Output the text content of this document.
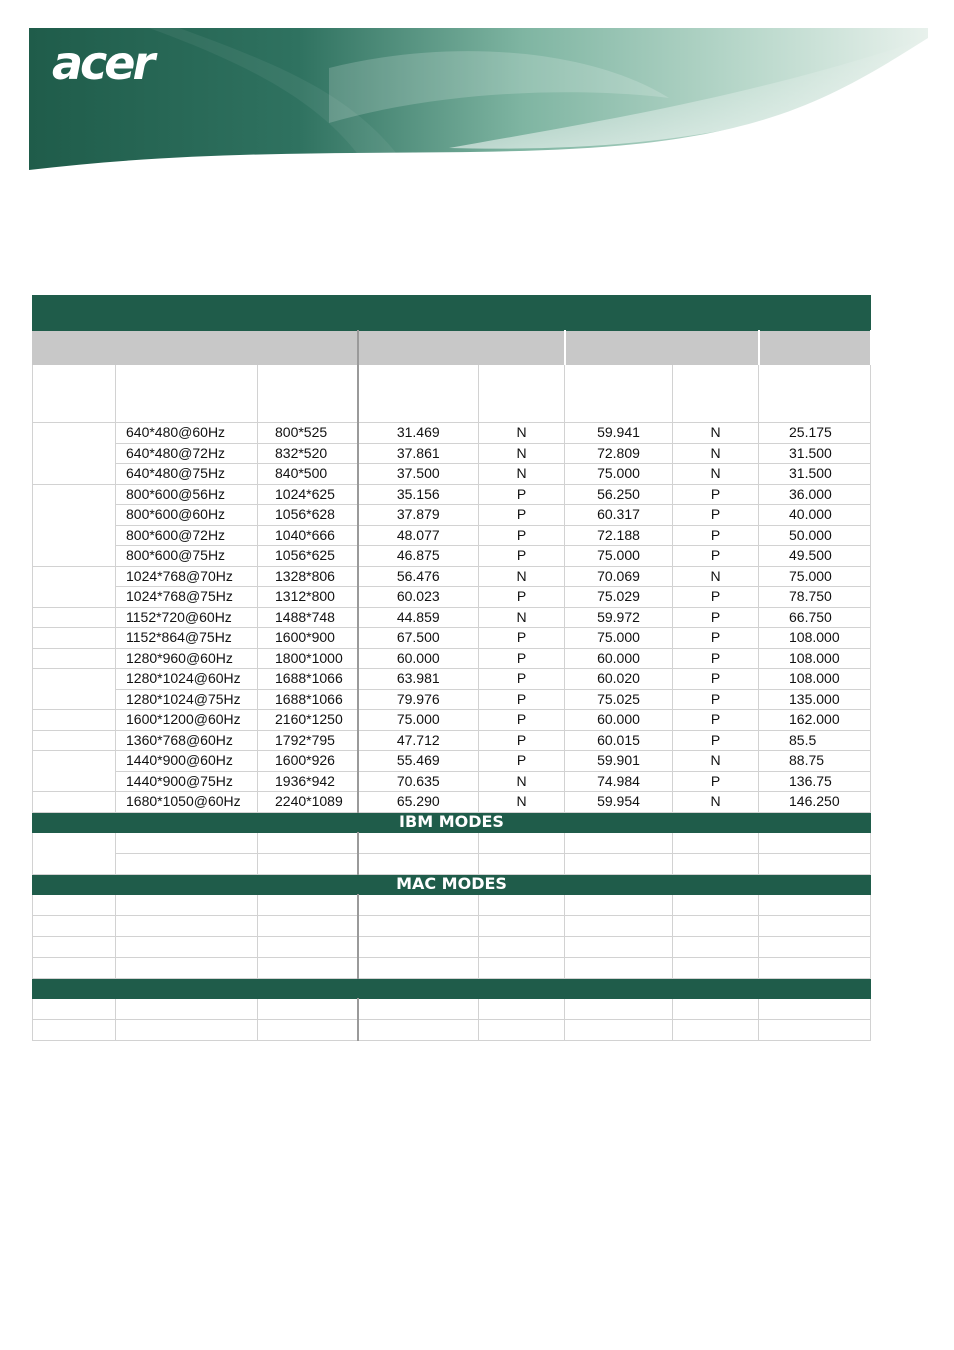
acer

	640*480@60Hz	800*525	31.469	N	59.941	N	25.175
	640*480@72Hz	832*520	37.861	N	72.809	N	31.500
	640*480@75Hz	840*500	37.500	N	75.000	N	31.500
	800*600@56Hz	1024*625	35.156	P	56.250	P	36.000
	800*600@60Hz	1056*628	37.879	P	60.317	P	40.000
	800*600@72Hz	1040*666	48.077	P	72.188	P	50.000
	800*600@75Hz	1056*625	46.875	P	75.000	P	49.500
	1024*768@70Hz	1328*806	56.476	N	70.069	N	75.000
	1024*768@75Hz	1312*800	60.023	P	75.029	P	78.750
	1152*720@60Hz	1488*748	44.859	N	59.972	P	66.750
	1152*864@75Hz	1600*900	67.500	P	75.000	P	108.000
	1280*960@60Hz	1800*1000	60.000	P	60.000	P	108.000
	1280*1024@60Hz	1688*1066	63.981	P	60.020	P	108.000
	1280*1024@75Hz	1688*1066	79.976	P	75.025	P	135.000
	1600*1200@60Hz	2160*1250	75.000	P	60.000	P	162.000
	1360*768@60Hz	1792*795	47.712	P	60.015	P	85.5
	1440*900@60Hz	1600*926	55.469	P	59.901	N	88.75
	1440*900@75Hz	1936*942	70.635	N	74.984	P	136.75
	1680*1050@60Hz	2240*1089	65.290	N	59.954	N	146.250
IBM MODES							

MAC MODES							
